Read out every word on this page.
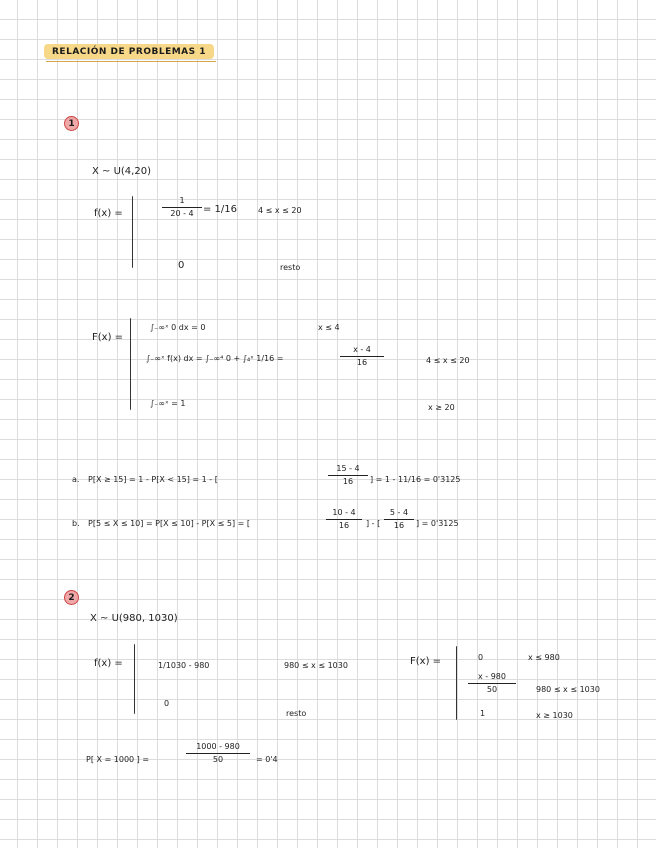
RELACIÓN DE PROBLEMAS 1
1
X ~ U(4,20)
f(x) =
1
20 - 4 = 1/16	4 ≤ x ≤ 20
0	resto
F(x) =
∫₋∞ˣ 0 dx = 0	x ≤ 4
∫₋∞ˣ f(x) dx = ∫₋∞⁴ 0 + ∫₄ˣ 1/16 =
x - 4
16	4 ≤ x ≤ 20
∫₋∞ˣ = 1	x ≥ 20
a. P[X ≥ 15] = 1 - P[X < 15] = 1 - [
15 - 4
16	] = 1 - 11/16 = 0'3125
b. P[5 ≤ X ≤ 10] = P[X ≤ 10] - P[X ≤ 5] = [
10 - 4
16	] - [
5 - 4
16	] = 0'3125
2
X ~ U(980, 1030)
f(x) =	1/1030 - 980	980 ≤ x ≤ 1030
0
resto
F(x) =	0	x ≤ 980
x - 980
50	980 ≤ x ≤ 1030
1	x ≥ 1030
P[ X = 1000 ] =
1000 - 980
50	= 0'4
